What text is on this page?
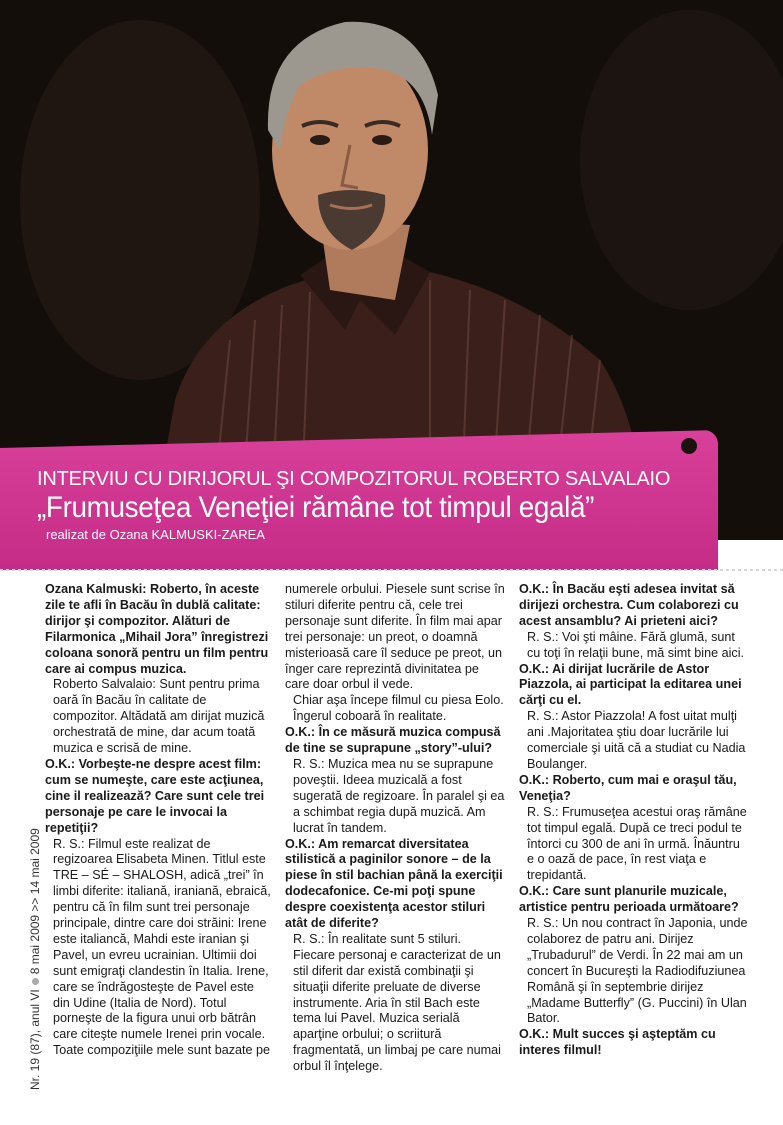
INTERVIU CU DIRIJORUL ŞI COMPOZITORUL ROBERTO SALVALAIO
„Frumuseţea Veneţiei rămâne tot timpul egală”
realizat de Ozana KALMUSKI-ZAREA
Nr. 19 (87), anul VI8 mai 2009 >> 14 mai 2009

Ozana Kalmuski: Roberto, în aceste zile te afli în Bacău în dublă calitate: dirijor şi compozitor. Alături de Filarmonica „Mihail Jora” înregistrezi coloana sonoră pentru un film pentru care ai compus muzica.

Roberto Salvalaio: Sunt pentru prima oară în Bacău în calitate de compozitor. Altădată am dirijat muzică orchestrată de mine, dar acum toată muzica e scrisă de mine.

O.K.: Vorbeşte-ne despre acest film: cum se numeşte, care este acţiunea, cine il realizează? Care sunt cele trei personaje pe care le invocai la repetiţii?

R. S.: Filmul este realizat de regizoarea Elisabeta Minen. Titlul este TRE – SÉ – SHALOSH, adică „trei” în limbi diferite: italiană, iraniană, ebraică, pentru că în film sunt trei personaje principale, dintre care doi străini: Irene este italiancă, Mahdi este iranian şi Pavel, un evreu ucrainian. Ultimii doi sunt emigraţi clandestin în Italia. Irene, care se îndrăgosteşte de Pavel este din Udine (Italia de Nord). Totul porneşte de la figura unui orb bătrân care citeşte numele Irenei prin vocale. Toate compoziţiile mele sunt bazate pe

numerele orbului. Piesele sunt scrise în stiluri diferite pentru că, cele trei personaje sunt diferite. În film mai apar trei personaje: un preot, o doamnă misterioasă care îl seduce pe preot, un înger care reprezintă divinitatea pe care doar orbul il vede.

Chiar aşa începe filmul cu piesa Eolo. Îngerul coboară în realitate.

O.K.: În ce măsură muzica compusă de tine se suprapune „story”-ului?

R. S.: Muzica mea nu se suprapune poveştii. Ideea muzicală a fost sugerată de regizoare. În paralel şi ea a schimbat regia după muzică. Am lucrat în tandem.

O.K.: Am remarcat diversitatea stilistică a paginilor sonore – de la piese în stil bachian până la exerciţii dodecafonice. Ce-mi poţi spune despre coexistenţa acestor stiluri atât de diferite?

R. S.: În realitate sunt 5 stiluri. Fiecare personaj e caracterizat de un stil diferit dar există combinaţii şi situaţii diferite preluate de diverse instrumente. Aria în stil Bach este tema lui Pavel. Muzica serială aparţine orbului; o scriitură fragmentată, un limbaj pe care numai orbul îl înţelege.

O.K.: În Bacău eşti adesea invitat să dirijezi orchestra. Cum colaborezi cu acest ansamblu? Ai prieteni aici?

R. S.: Voi şti mâine. Fără glumă, sunt cu toţi în relaţii bune, mă simt bine aici.

O.K.: Ai dirijat lucrările de Astor Piazzola, ai participat la editarea unei cărţi cu el.

R. S.: Astor Piazzola! A fost uitat mulţi ani .Majoritatea ştiu doar lucrările lui comerciale şi uită că a studiat cu Nadia Boulanger.

O.K.: Roberto, cum mai e oraşul tău, Veneţia?

R. S.: Frumuseţea acestui oraş rămâne tot timpul egală. După ce treci podul te întorci cu 300 de ani în urmă. Înăuntru e o oază de pace, în rest viaţa e trepidantă.

O.K.: Care sunt planurile muzicale, artistice pentru perioada următoare?

R. S.: Un nou contract în Japonia, unde colaborez de patru ani. Dirijez „Trubadurul” de Verdi. În 22 mai am un concert în Bucureşti la Radiodifuziunea Română şi în septembrie dirijez „Madame Butterfly” (G. Puccini) în Ulan Bator.

O.K.: Mult succes şi aşteptăm cu interes filmul!
